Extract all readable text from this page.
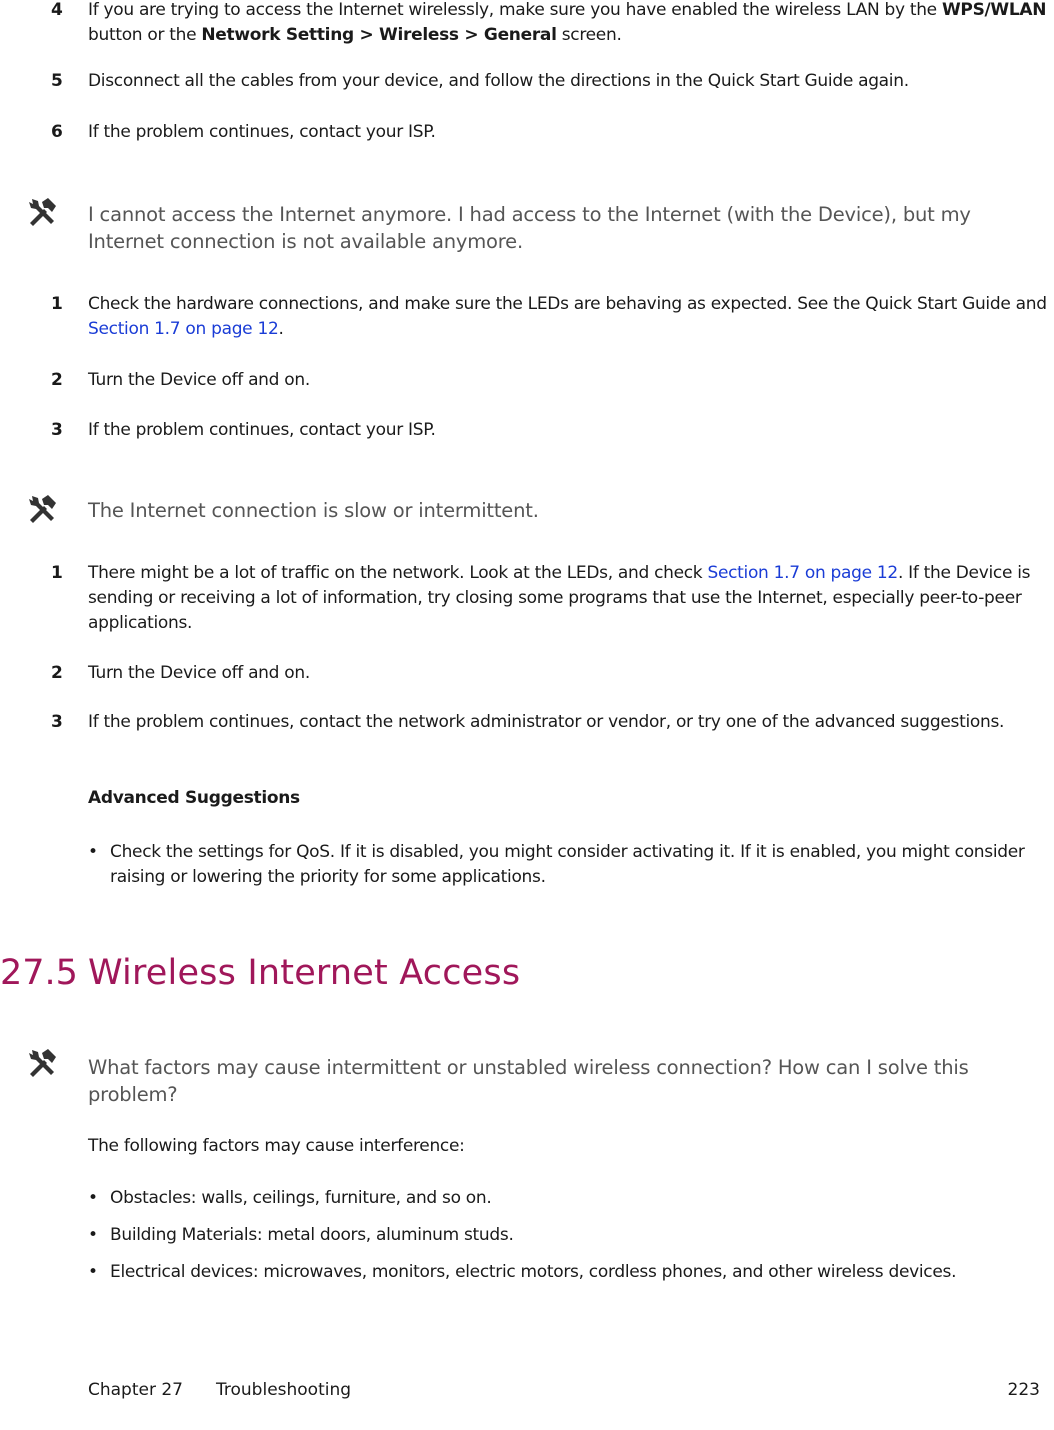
4 If you are trying to access the Internet wirelessly, make sure you have enabled the wireless LAN by the WPS/WLAN button or the Network Setting > Wireless > General screen.
5 Disconnect all the cables from your device, and follow the directions in the Quick Start Guide again.
6 If the problem continues, contact your ISP.
I cannot access the Internet anymore. I had access to the Internet (with the Device), but my Internet connection is not available anymore.
1 Check the hardware connections, and make sure the LEDs are behaving as expected. See the Quick Start Guide and Section 1.7 on page 12.
2 Turn the Device off and on.
3 If the problem continues, contact your ISP.
The Internet connection is slow or intermittent.
1 There might be a lot of traffic on the network. Look at the LEDs, and check Section 1.7 on page 12. If the Device is sending or receiving a lot of information, try closing some programs that use the Internet, especially peer-to-peer applications.
2 Turn the Device off and on.
3 If the problem continues, contact the network administrator or vendor, or try one of the advanced suggestions.
Advanced Suggestions
• Check the settings for QoS. If it is disabled, you might consider activating it. If it is enabled, you might consider raising or lowering the priority for some applications.
27.5 Wireless Internet Access
What factors may cause intermittent or unstabled wireless connection? How can I solve this problem?
The following factors may cause interference:
• Obstacles: walls, ceilings, furniture, and so on.
• Building Materials: metal doors, aluminum studs.
• Electrical devices: microwaves, monitors, electric motors, cordless phones, and other wireless devices.
Chapter 27 Troubleshooting	223
